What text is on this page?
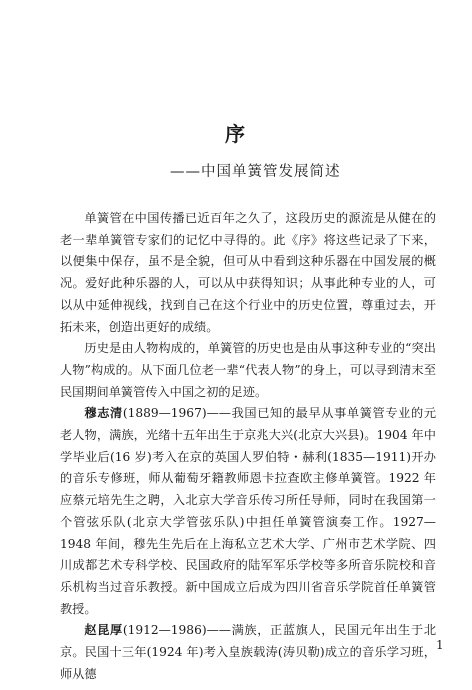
序
——中国单簧管发展简述

单簧管在中国传播已近百年之久了，这段历史的源流是从健在的老一辈单簧管专家们的记忆中寻得的。此《序》将这些记录了下来，以便集中保存，虽不是全貌，但可从中看到这种乐器在中国发展的概况。爱好此种乐器的人，可以从中获得知识；从事此种专业的人，可以从中延伸视线，找到自己在这个行业中的历史位置，尊重过去，开拓未来，创造出更好的成绩。

历史是由人物构成的，单簧管的历史也是由从事这种专业的“突出人物”构成的。从下面几位老一辈“代表人物”的身上，可以寻到清末至民国期间单簧管传入中国之初的足迹。

穆志清(1889—1967)——我国已知的最早从事单簧管专业的元老人物，满族，光绪十五年出生于京兆大兴(北京大兴县)。1904 年中学毕业后(16 岁)考入在京的英国人罗伯特・赫利(1835—1911)开办的音乐专修班，师从葡萄牙籍教师恩卡拉查欧主修单簧管。1922 年应蔡元培先生之聘，入北京大学音乐传习所任导师，同时在我国第一个管弦乐队(北京大学管弦乐队)中担任单簧管演奏工作。1927—1948 年间，穆先生先后在上海私立艺术大学、广州市艺术学院、四川成都艺术专科学校、民国政府的陆军军乐学校等多所音乐院校和音乐机构当过音乐教授。新中国成立后成为四川省音乐学院首任单簧管教授。

赵昆厚(1912—1986)——满族，正蓝旗人，民国元年出生于北京。民国十三年(1924 年)考入皇族载涛(涛贝勒)成立的音乐学习班，师从德

1
